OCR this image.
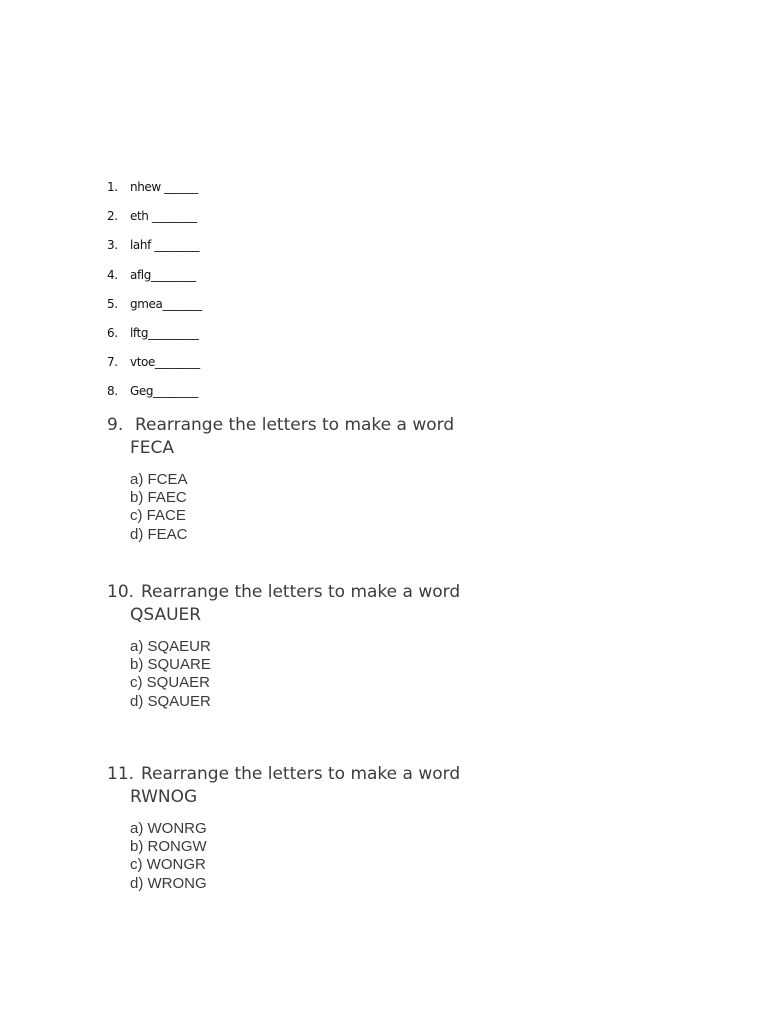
1. nhew ______
2. eth ________
3. lahf ________
4. aflg________
5. gmea_______
6. lftg_________
7. vtoe________
8. Geg________
9. Rearrange the letters to make a word
FECA
a) FCEA
b) FAEC
c) FACE
d) FEAC
10. Rearrange the letters to make a word
QSAUER
a) SQAEUR
b) SQUARE
c) SQUAER
d) SQAUER
11. Rearrange the letters to make a word
RWNOG
a) WONRG
b) RONGW
c) WONGR
d) WRONG
